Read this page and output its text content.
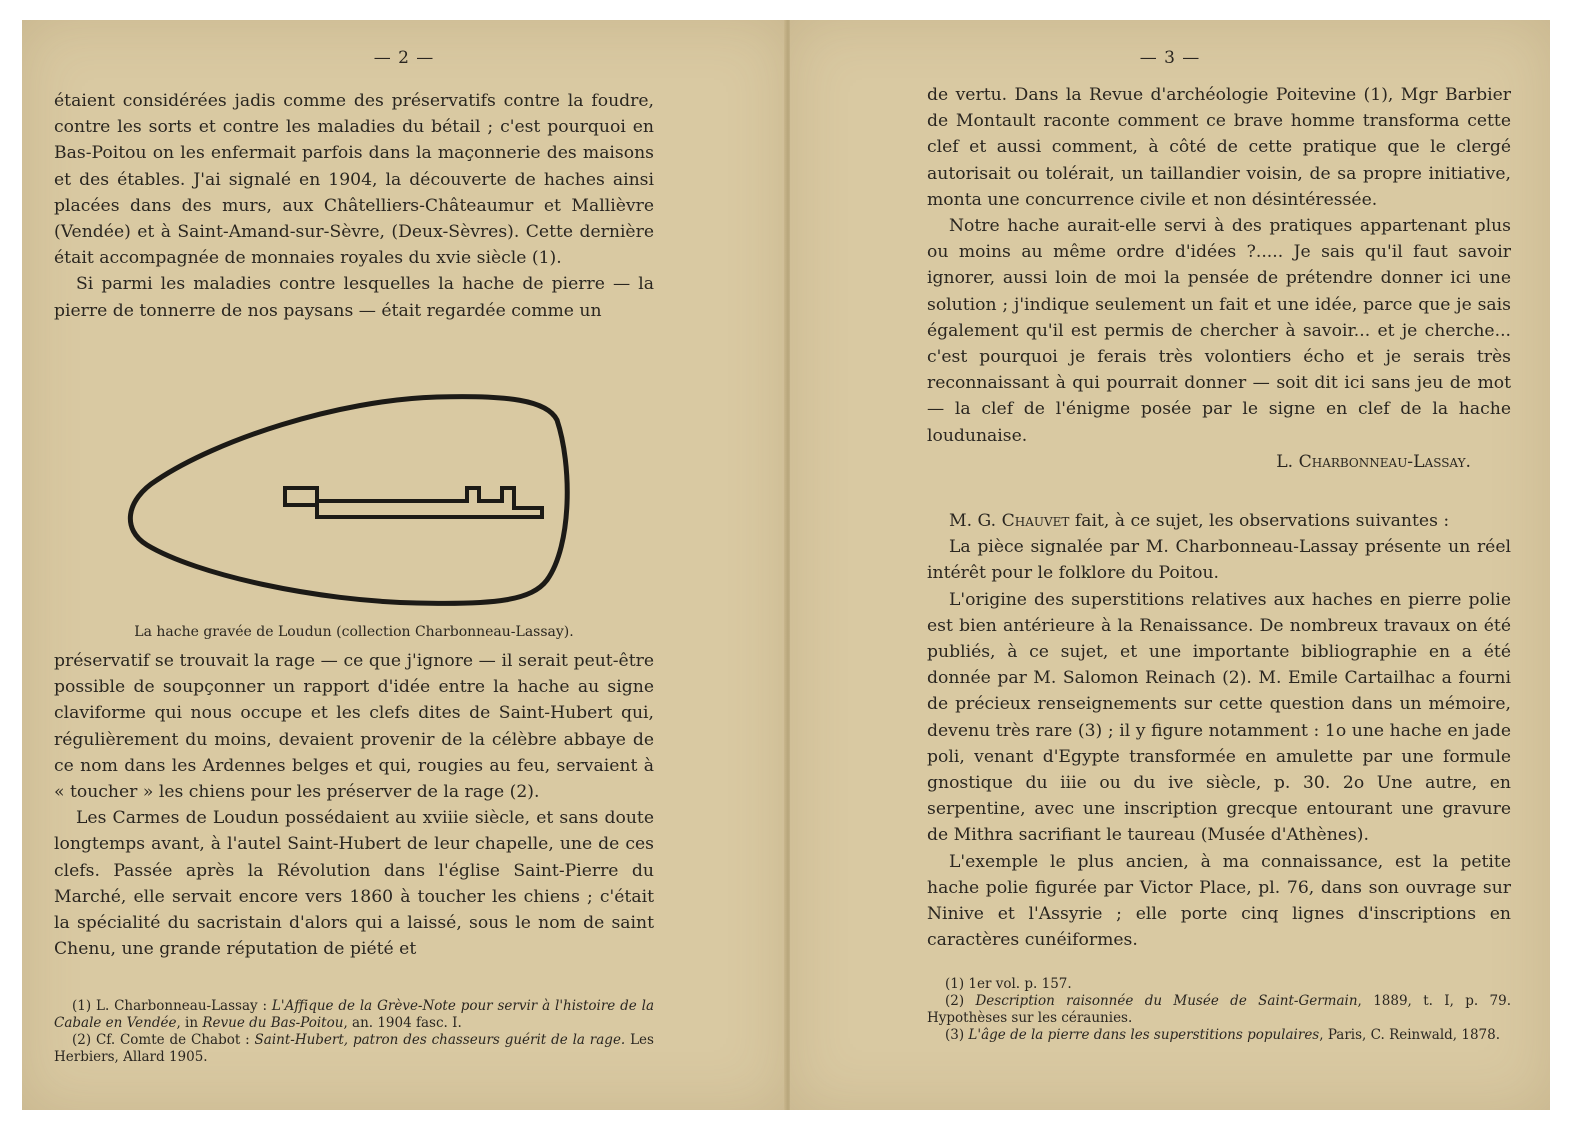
— 2 —

étaient considérées jadis comme des préservatifs contre la foudre, contre les sorts et contre les maladies du bétail ; c'est pourquoi en Bas-Poitou on les enfermait parfois dans la maçonnerie des maisons et des étables. J'ai signalé en 1904, la découverte de haches ainsi placées dans des murs, aux Châtelliers-Châteaumur et Mallièvre (Vendée) et à Saint-Amand-sur-Sèvre, (Deux-Sèvres). Cette dernière était accompagnée de monnaies royales du xvie siècle (1).

Si parmi les maladies contre lesquelles la hache de pierre — la pierre de tonnerre de nos paysans — était regardée comme un

La hache gravée de Loudun (collection Charbonneau-Lassay).

préservatif se trouvait la rage — ce que j'ignore — il serait peut-être possible de soupçonner un rapport d'idée entre la hache au signe claviforme qui nous occupe et les clefs dites de Saint-Hubert qui, régulièrement du moins, devaient provenir de la célèbre abbaye de ce nom dans les Ardennes belges et qui, rougies au feu, servaient à « toucher » les chiens pour les préserver de la rage (2).

Les Carmes de Loudun possédaient au xviiie siècle, et sans doute longtemps avant, à l'autel Saint-Hubert de leur chapelle, une de ces clefs. Passée après la Révolution dans l'église Saint-Pierre du Marché, elle servait encore vers 1860 à toucher les chiens ; c'était la spécialité du sacristain d'alors qui a laissé, sous le nom de saint Chenu, une grande réputation de piété et

(1) L. Charbonneau-Lassay : L'Affique de la Grève-Note pour servir à l'histoire de la Cabale en Vendée, in Revue du Bas-Poitou, an. 1904 fasc. I.

(2) Cf. Comte de Chabot : Saint-Hubert, patron des chasseurs guérit de la rage. Les Herbiers, Allard 1905.

— 3 —

de vertu. Dans la Revue d'archéologie Poitevine (1), Mgr Barbier de Montault raconte comment ce brave homme transforma cette clef et aussi comment, à côté de cette pratique que le clergé autorisait ou tolérait, un taillandier voisin, de sa propre initiative, monta une concurrence civile et non désintéressée.

Notre hache aurait-elle servi à des pratiques appartenant plus ou moins au même ordre d'idées ?..... Je sais qu'il faut savoir ignorer, aussi loin de moi la pensée de prétendre donner ici une solution ; j'indique seulement un fait et une idée, parce que je sais également qu'il est permis de chercher à savoir... et je cherche... c'est pourquoi je ferais très volontiers écho et je serais très reconnaissant à qui pourrait donner — soit dit ici sans jeu de mot — la clef de l'énigme posée par le signe en clef de la hache loudunaise.

L. Charbonneau-Lassay.

M. G. Chauvet fait, à ce sujet, les observations suivantes :

La pièce signalée par M. Charbonneau-Lassay présente un réel intérêt pour le folklore du Poitou.

L'origine des superstitions relatives aux haches en pierre polie est bien antérieure à la Renaissance. De nombreux travaux on été publiés, à ce sujet, et une importante bibliographie en a été donnée par M. Salomon Reinach (2). M. Emile Cartailhac a fourni de précieux renseignements sur cette question dans un mémoire, devenu très rare (3) ; il y figure notamment : 1o une hache en jade poli, venant d'Egypte transformée en amulette par une formule gnostique du iiie ou du ive siècle, p. 30. 2o Une autre, en serpentine, avec une inscription grecque entourant une gravure de Mithra sacrifiant le taureau (Musée d'Athènes).

L'exemple le plus ancien, à ma connaissance, est la petite hache polie figurée par Victor Place, pl. 76, dans son ouvrage sur Ninive et l'Assyrie ; elle porte cinq lignes d'inscriptions en caractères cunéiformes.

(1) 1er vol. p. 157.

(2) Description raisonnée du Musée de Saint-Germain, 1889, t. I, p. 79. Hypothèses sur les céraunies.

(3) L'âge de la pierre dans les superstitions populaires, Paris, C. Reinwald, 1878.
